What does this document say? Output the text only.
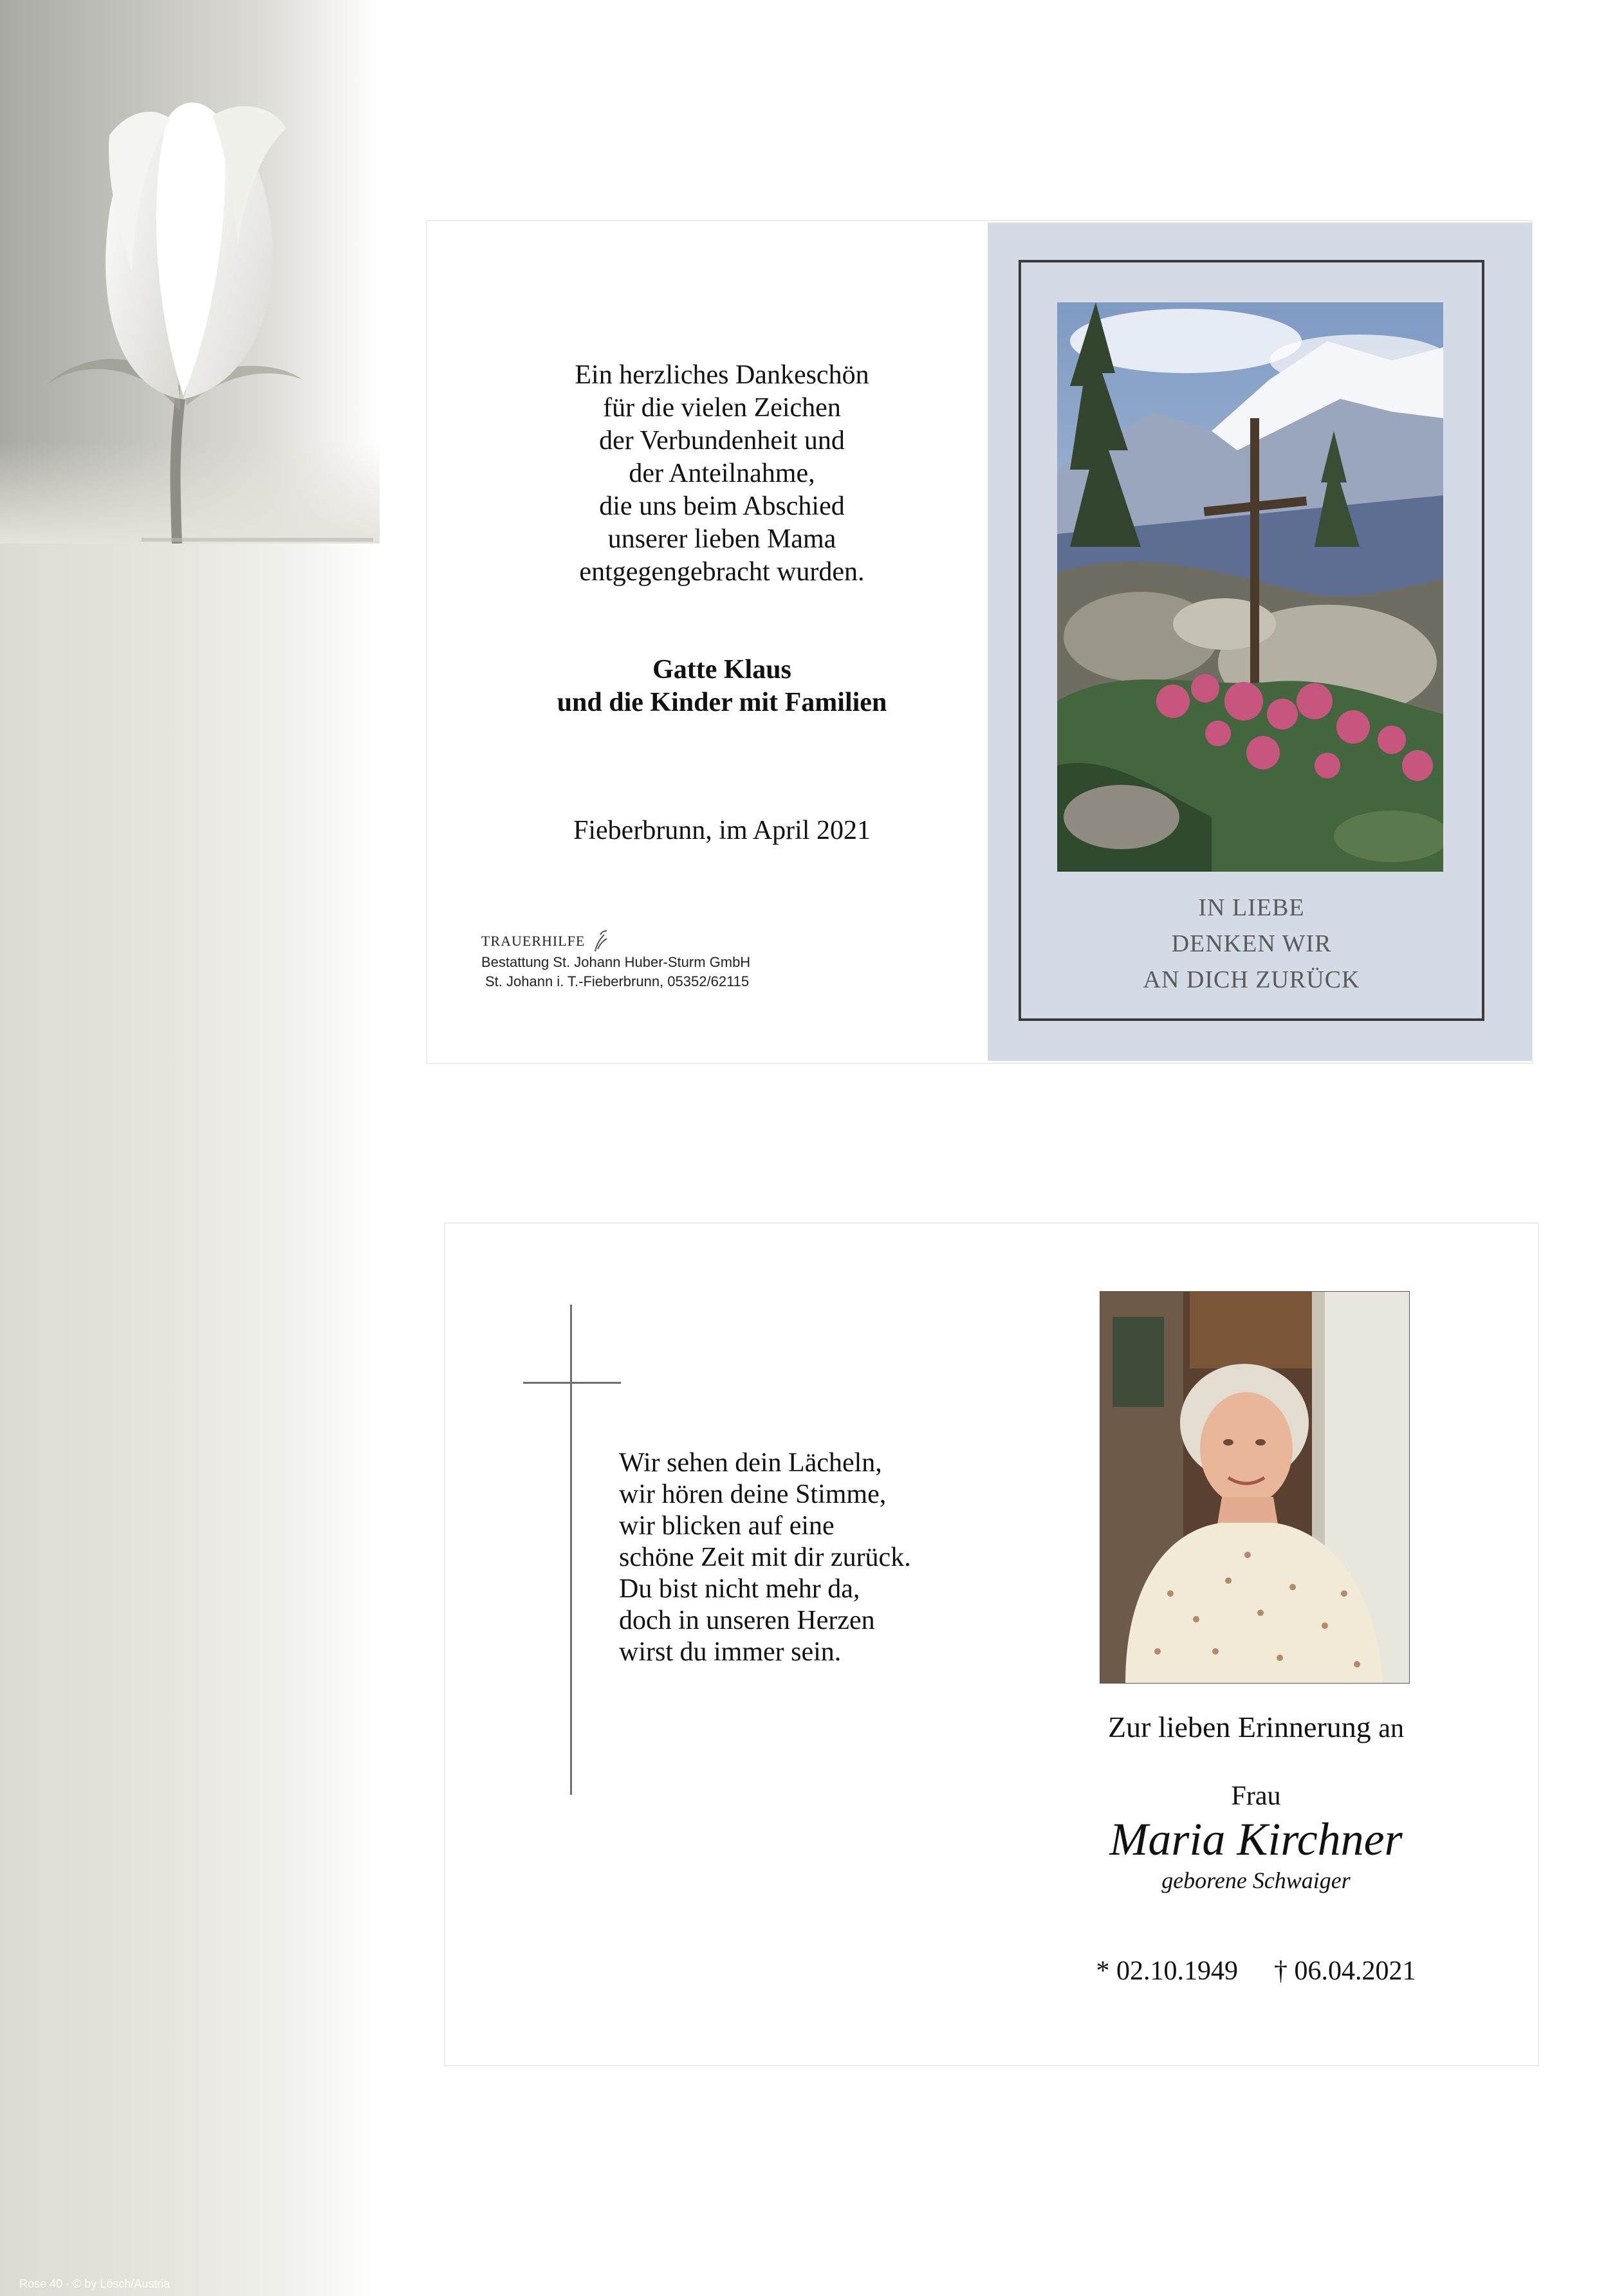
Rose 40 · © by Lösch/Austria
Ein herzliches Dankeschön
für die vielen Zeichen
der Verbundenheit und
der Anteilnahme,
die uns beim Abschied
unserer lieben Mama
entgegengebracht wurden.
Gatte Klaus
und die Kinder mit Familien
Fieberbrunn, im April 2021
TRAUERHILFE
Bestattung St. Johann Huber-Sturm GmbH
St. Johann i. T.-Fieberbrunn, 05352/62115
IN LIEBE
DENKEN WIR
AN DICH ZURÜCK
Wir sehen dein Lächeln,
wir hören deine Stimme,
wir blicken auf eine
schöne Zeit mit dir zurück.
Du bist nicht mehr da,
doch in unseren Herzen
wirst du immer sein.
Zur lieben Erinnerung an
Frau
Maria Kirchner
geborene Schwaiger
* 02.10.1949 † 06.04.2021
